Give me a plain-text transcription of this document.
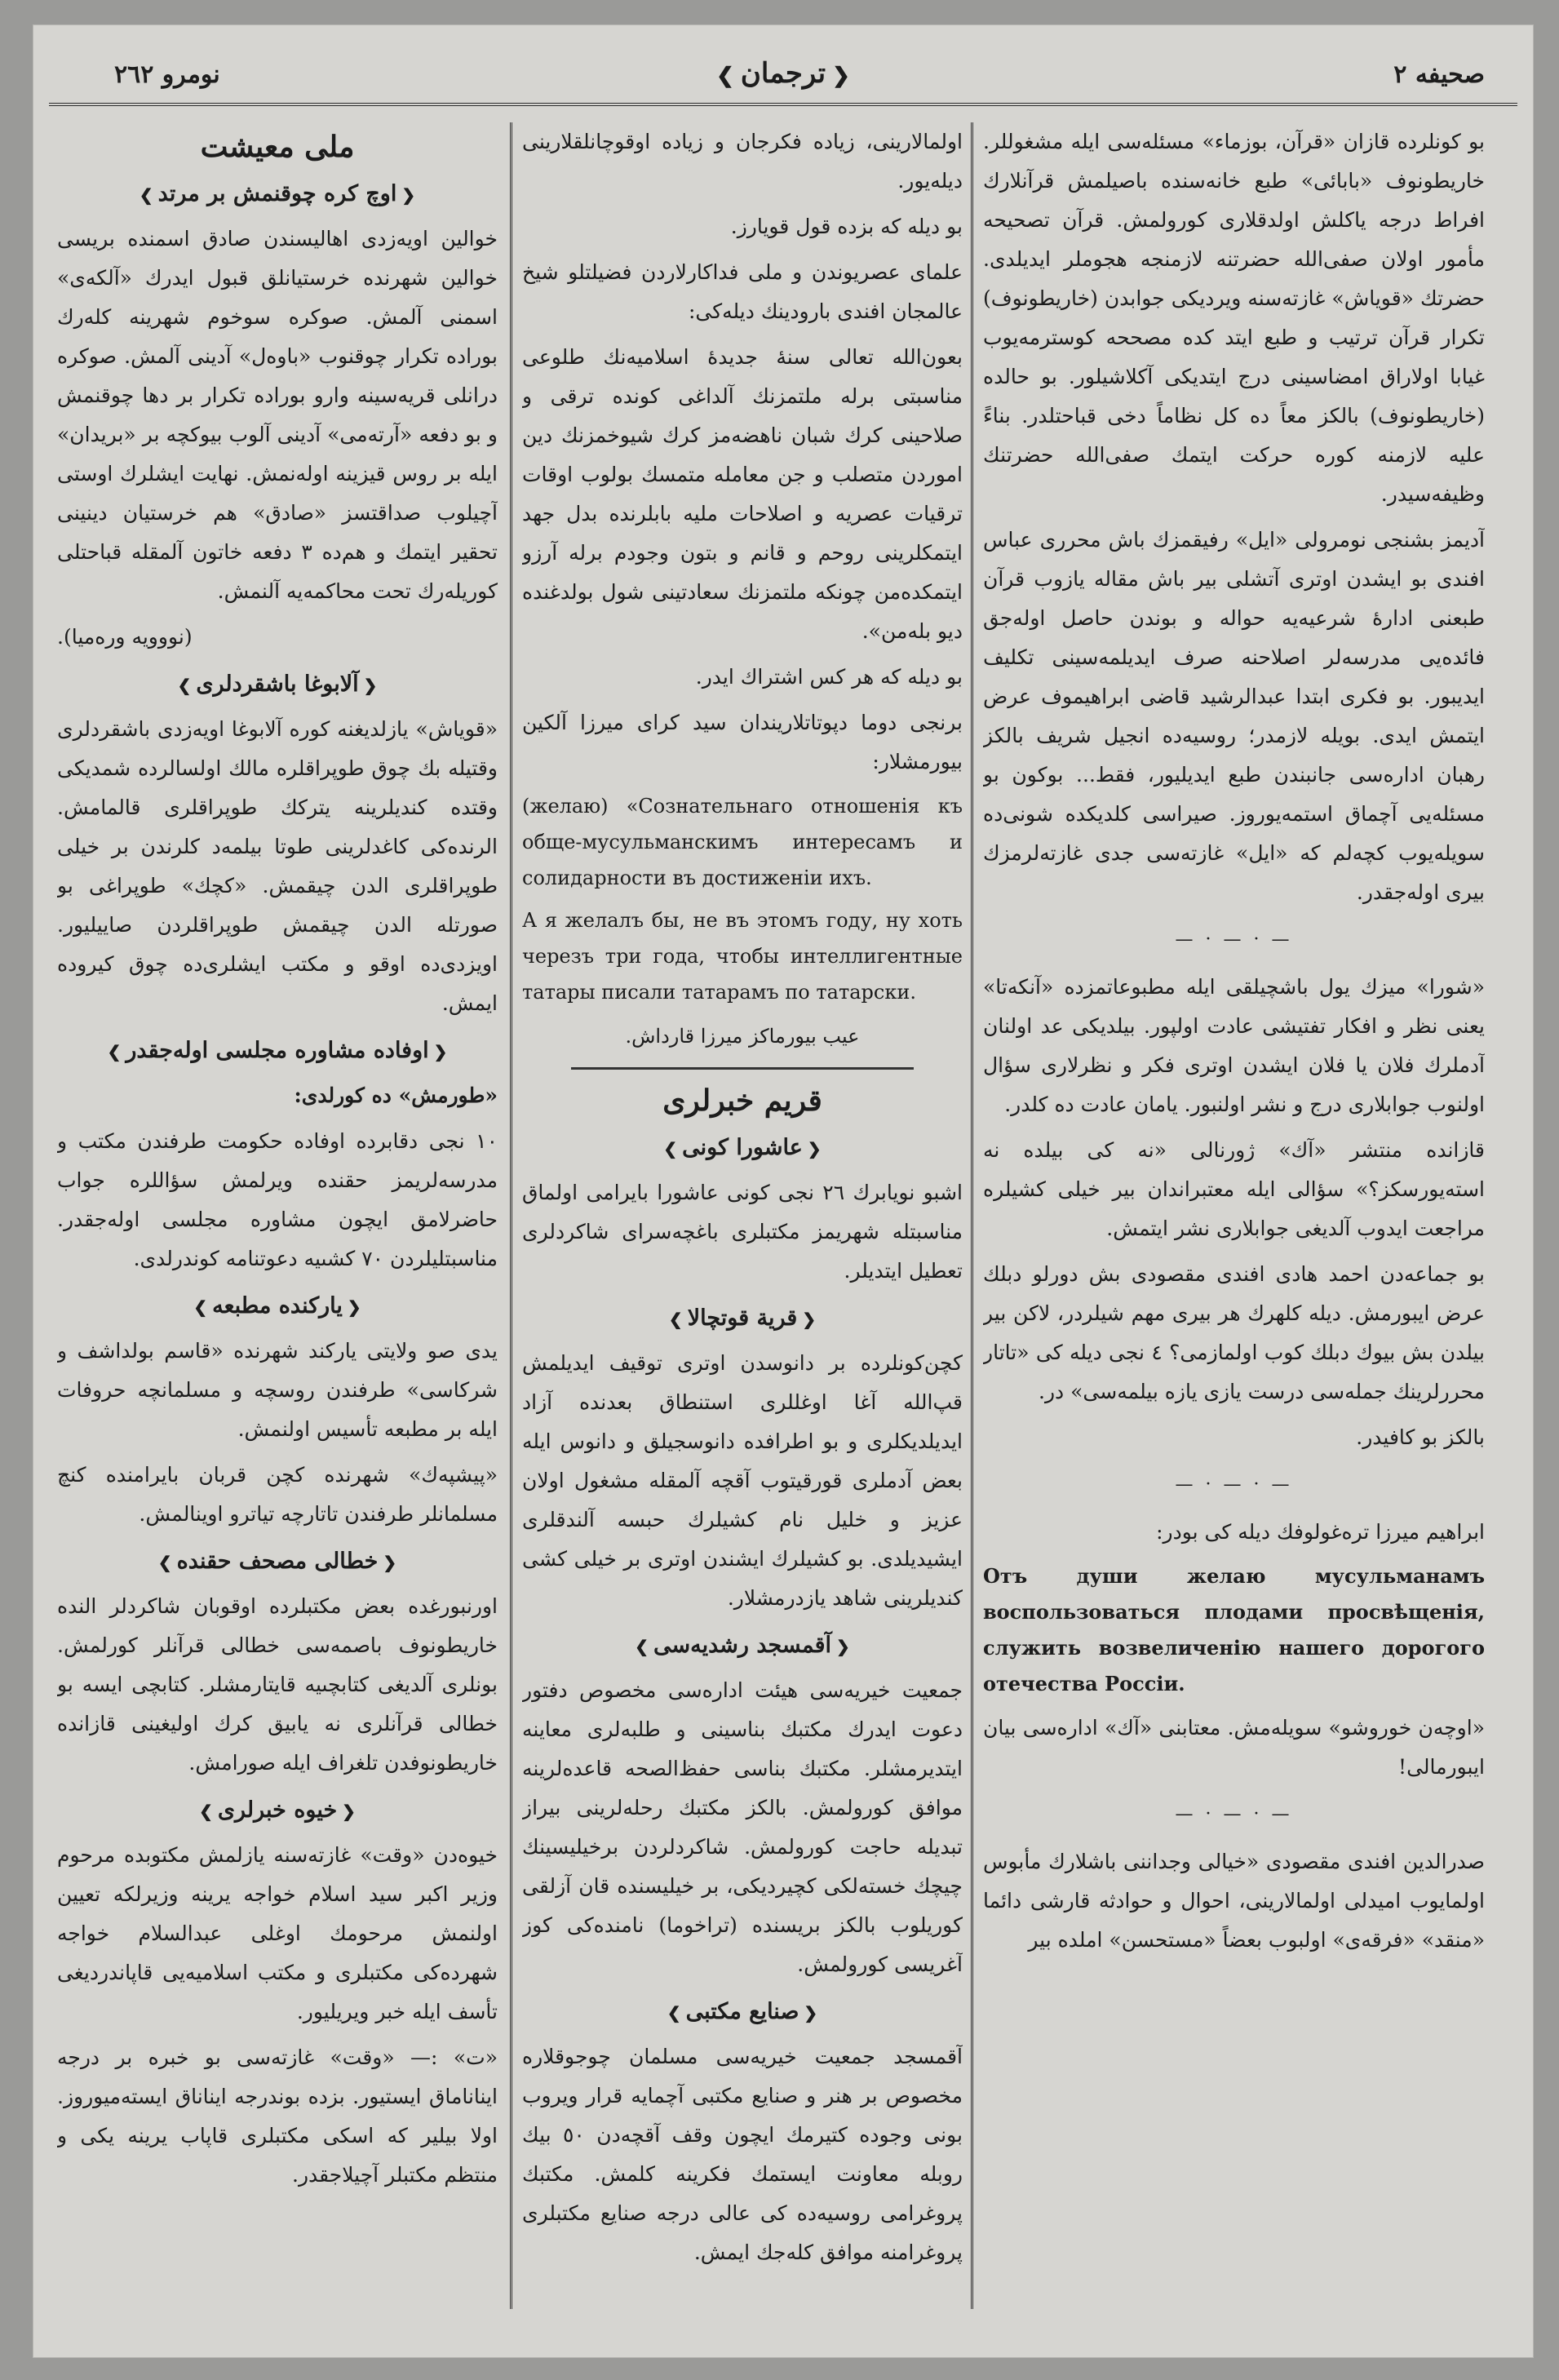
صحيفه ٢
❮ترجمان❯
نومرو ٢٦٢

بو كونلرده قازان «قرآن، بوزماء» مسئله‌سى ايله مشغوللر. خاريطونوف «بابائى» طبع خانه‌سنده باصيلمش قرآنلارك افراط درجه ياكلش اولدقلارى كورولمش. قرآن تصحيحه مأمور اولان صفى‌الله حضرتنه لازمنجه هجوملر ايديلدى. حضرتك «قوياش» غازته‌سنه ويرديكى جوابدن (خاريطونوف) تكرار قرآن ترتيب و طبع ايتد كده مصححه كوسترمه‌يوب غيابا اولاراق امضاسينى درج ايتديكى آكلاشيلور. بو حالده (خاريطونوف) بالكز معاً ده كل نظاماً دخى قباحتلدر. بناءً عليه لازمنه كوره حركت ايتمك صفى‌الله حضرتنك وظيفه‌سيدر.

آديمز بشنجى نومرولى «ايل» رفيقمزك باش محررى عباس افندى بو ايشدن اوترى آتشلى بير باش مقاله يازوب قرآن طبعنى ادارهٔ شرعيه‌يه حواله و بوندن حاصل اوله‌جق فائده‌يى مدرسه‌لر اصلاحنه صرف ايديلمه‌سينى تكليف ايديبور. بو فكرى ابتدا عبدالرشيد قاضى ابراهيموف عرض ايتمش ايدى. بويله لازمدر؛ روسيه‌ده انجيل شريف بالكز رهبان اداره‌سى جانبندن طبع ايديليور، فقط... بوكون بو مسئله‌يى آچماق استمه‌يوروز. صيراسى كلديكده شونى‌ده سويله‌يوب كچه‌لم كه «ايل» غازته‌سى جدى غازته‌لرمزك بيرى اوله‌جقدر.

— · — · —

«شورا» ميزك يول باشچيلقى ايله مطبوعاتمزده «آنكه‌تا» يعنى نظر و افكار تفتيشى عادت اولپور. بيلديكى عد اولنان آدملرك فلان يا فلان ايشدن اوترى فكر و نظرلارى سؤال اولنوب جوابلارى درج و نشر اولنبور. يامان عادت ده كلدر.

قازانده منتشر «آك» ژورنالى «نه كى بيلده نه استه‌يورسكز؟» سؤالى ايله معتبراندان بير خيلى كشيلره مراجعت ايدوب آلديغى جوابلارى نشر ايتمش.

بو جماعه‌دن احمد هادى افندى مقصودى بش دورلو دبلك عرض ايبورمش. ديله كلهرك هر بيرى مهم شيلردر، لاكن بير بيلدن بش بيوك دبلك كوب اولمازمى؟ ٤ نجى ديله كى «تاتار محررلرينك جمله‌سى درست يازى يازه بيلمه‌سى» در.

بالكز بو كافيدر.

— · — · —

ابراهيم ميرزا ترەغولوفك ديله كى بودر:

Отъ души желаю мусульманамъ воспользоваться плодами просвѣщенія, служить возвеличенію нашего дорогого отечества Россіи.

«اوچەن خوروشو» سويلەمش. معتابنى «آك» اداره‌سى بيان ايبورمالى!

— · — · —

صدرالدين افندى مقصودى «خيالى وجداننى باشلارك مأبوس اولمايوب اميدلى اولمالارينى، احوال و حوادثه قارشى دائما «منقد» «فرقه‌ى» اولبوب بعضاً «مستحسن» املده بير

اولمالارينى، زياده فكرجان و زياده اوقوچانلقلارينى ديله‌يور.

بو ديله كه بزده قول قويارز.

علماى عصريوندن و ملى فداكارلاردن فضيلتلو شيخ عالمجان افندى بارودينك ديله‌كى:

بعون‌الله تعالى سنهٔ جديدهٔ اسلاميه‌نك طلوعى مناسبتى برله ملتمزنك آلداغى كونده ترقى و صلاحينى كرك شبان ناهضه‌مز كرك شيوخمزنك دين اموردن متصلب و جن معامله متمسك بولوب اوقات ترقيات عصريه و اصلاحات مليه بابلرنده بدل جهد ايتمكلرينى روحم و قانم و بتون وجودم برله آرزو ايتمكده‌من چونكه ملتمزنك سعادتينى شول بولدغنده ديو بله‌من».

بو ديله كه هر كس اشتراك ايدر.

برنجى دوما دپوتاتلاريندان سيد كراى ميرزا آلكين بيورمشلار:

(желаю) «Сознательнаго отношенія къ обще-мусульманскимъ интересамъ и солидарности въ достиженіи ихъ.

А я желалъ бы, не въ этомъ году, ну хоть черезъ три года, чтобы интеллигентные татары писали татарамъ по татарски.

عيب بيورماكز ميرزا قارداش.

قريم خبرلرى
❮عاشورا كونى❯

اشبو نويابرك ٢٦ نجى كونى عاشورا بايرامى اولماق مناسبتله شهريمز مكتبلرى باغچه‌سراى شاكردلرى تعطيل ايتديلر.

❮قرية قوتچالا❯

كچن‌كونلرده بر دانوسدن اوترى توقيف ايديلمش قپ‌الله آغا اوغللرى استنطاق بعدنده آزاد ايديلديكلرى و بو اطرافده دانوسجيلق و دانوس ايله بعض آدملرى قورقيتوب آقچه آلمقله مشغول اولان عزيز و خليل نام كشيلرك حبسه آلندقلرى ايشيديلدى. بو كشيلرك ايشندن اوترى بر خيلى كشى كنديلرينى شاهد يازدرمشلار.

❮آقمسجد رشديه‌سى❯

جمعيت خيريه‌سى هيئت اداره‌سى مخصوص دفتور دعوت ايدرك مكتبك بناسينى و طلبه‌لرى معاينه ايتديرمشلر. مكتبك بناسى حفظ‌الصحه قاعده‌لرينه موافق كورولمش. بالكز مكتبك رحله‌لرينى بيراز تبديله حاجت كورولمش. شاكردلردن برخيليسينك چيچك خسته‌لكى كچيرديكى، بر خيليسنده قان آزلقى كوريلوب بالكز بريسنده (تراخوما) نامنده‌كى كوز آغريسى كورولمش.

❮صنايع مكتبى❯

آقمسجد جمعيت خيريه‌سى مسلمان چوجوقلاره مخصوص بر هنر و صنايع مكتبى آچمايه قرار ويروب بونى وجوده كتيرمك ايچون وقف آقچه‌دن ٥٠ بيك روبله معاونت ايستمك فكرينه كلمش. مكتبك پروغرامى روسيه‌ده كى عالى درجه صنايع مكتبلرى پروغرامنه موافق كله‌جك ايمش.

ملى معيشت
❮اوچ كره چوقنمش بر مرتد❯

خوالين اويه‌زدى اهاليسندن صادق اسمنده بريسى خوالين شهرنده خرستيانلق قبول ايدرك «آلكه‌ى» اسمنى آلمش. صوكره سوخوم شهرينه كله‌رك بوراده تكرار چوقنوب «باوەل» آدينى آلمش. صوكره درانلى قريه‌سينه وارو بوراده تكرار بر دها چوقنمش و بو دفعه «آرته‌مى» آدينى آلوب بيوكچه بر «بريدان» ايله بر روس قيزينه اولەنمش. نهايت ايشلرك اوستى آچيلوب صداقتسز «صادق» هم خرستيان دينينى تحقير ايتمك و هم‌ده ٣ دفعه خاتون آلمقله قباحتلى كوريله‌رك تحت محاكمه‌يه آلنمش.

(نووويه ورەميا).

❮آلابوغا باشقردلرى❯

«قوياش» يازلديغنه كوره آلابوغا اويه‌زدى باشقردلرى وقتيله بك چوق طوپراقلره مالك اولسالرده شمديكى وقتده كنديلرينه يتركك طوپراقلرى قالمامش. الرنده‌كى كاغدلرينى طوتا بيلمەد كلرندن بر خيلى طوپراقلرى الدن چيقمش. «كچك» طوپراغى بو صورتله الدن چيقمش طوپراقلردن صاييليور. اويزدى‌ده اوقو و مكتب ايشلرى‌ده چوق كيرودە ايمش.

❮اوفاده مشاوره مجلسى اوله‌جقدر❯

«طورمش» ده كورلدى:

١٠ نجى دقابرده اوفاده حكومت طرفندن مكتب و مدرسه‌لريمز حقنده ويرلمش سؤاللره جواب حاضرلامق ايچون مشاوره مجلسى اوله‌جقدر. مناسبتليلردن ٧٠ كشىيه دعوتنامه كوندرلدى.

❮ياركنده مطبعه❯

يدى صو ولايتى ياركند شهرنده «قاسم بولداشف و شركاسى» طرفندن روسچه و مسلمانچه حروفات ايله بر مطبعه تأسيس اولنمش.

«پيشپه‌ك» شهرنده كچن قربان بايرامنده كنچ مسلمانلر طرفندن تاتارچه تياترو اوينالمش.

❮خطالى مصحف حقنده❯

اورنبورغده بعض مكتبلرده اوقوبان شاكردلر النده خاريطونوف باصمه‌سى خطالى قرآنلر كورلمش. بونلرى آلديغى كتابچىيه قايتارمشلر. كتابچى ايسه بو خطالى قرآنلرى نه يابيق كرك اوليغينى قازانده خاريطونوفدن تلغراف ايله صورامش.

❮خيوه خبرلرى❯

خيوه‌دن «وقت» غازته‌سنه يازلمش مكتوبده مرحوم وزير اكبر سيد اسلام خواجه يرينه وزيرلكه تعيين اولنمش مرحومك اوغلى عبدالسلام خواجه شهرده‌كى مكتبلرى و مكتب اسلاميه‌يى قاپاندرديغى تأسف ايله خبر ويريليور.

«ت» :— «وقت» غازته‌سى بو خبره بر درجه ايناناماق ايستيور. بزده بوندرجه ايناناق ايسته‌ميوروز. اولا بيلير كه اسكى مكتبلرى قاپاب يرينه يكى و منتظم مكتبلر آچيلاجقدر.
